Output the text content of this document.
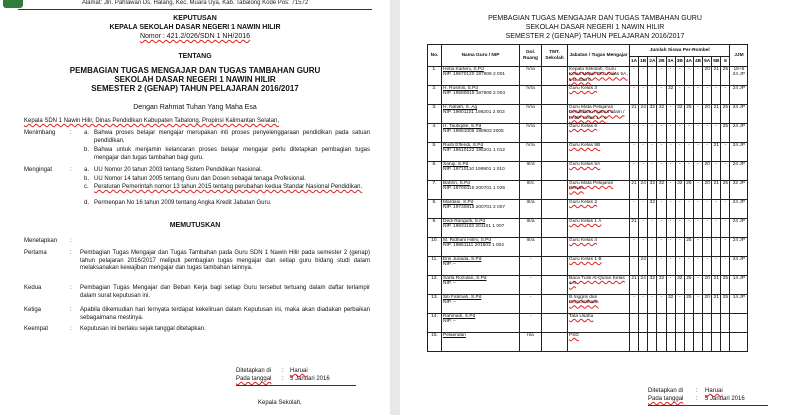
Alamat: Jln. Pahlawan Ds. Halang, Kec. Muara Uya, Kab. Tabalong Kode Pos: 71572
KEPUTUSAN
KEPALA SEKOLAH DASAR NEGERI 1 NAWIN HILIR
Nomor : 421.2/026/SDN 1 NH/2016
TENTANG
PEMBAGIAN TUGAS MENGAJAR DAN TUGAS TAMBAHAN GURU
SEKOLAH DASAR NEGERI 1 NAWIN HILIR
SEMESTER 2 (GENAP) TAHUN PELAJARAN 2016/2017
Dengan Rahmat Tuhan Yang Maha Esa
Kepala SDN 1 Nawin Hilir, Dinas Pendidikan Kabupaten Tabalong, Propinsi Kalimantan Selatan,
Menimbang : a. Bahwa proses belajar mengajar merupakan inti proses penyelenggaraan pendidikan pada satuan pendidikan.
b. Bahwa untuk menjamin kelancaran proses belajar mengajar perlu ditetapkan pembagian tugas mengajar dan tugas tambahan bagi guru.
Mengingat	: a. UU Nomor 20 tahun 2003 tentang Sistem Pendidikan Nasional.
b. UU Nomor 14 tahun 2005 tentang Guru dan Dosen sebagai tenaga Profesional.
c. Peraturan Pemerintah nomor 13 tahun 2015 tentang perubahan kedua Standar Nasional Pendidikan.
d. Permenpan No 16 tahun 2009 tentang Angka Kredit Jabatan Guru.
MEMUTUSKAN
Menetapkan :
Pertama	: Pembagian Tugas Mengajar dan Tugas Tambahan pada Guru SDN 1 Nawin Hilir pada semester 2 (genap) tahun pelajaran 2016/2017 meliputi pembagian tugas mengajar dan setiap guru bidang studi dalam melaksanakan kewajiban mengajar dan tugas tambahan lainnya.
Kedua	: Pembagian Tugas Mengajar dan Beban Kerja bagi setiap Guru tersebut tertuang dalam daftar terlampir dalam surat keputusan ini.
Ketiga	: Apabila dikemudian hari ternyata terdapat kekeliruan dalam Keputusan ini, maka akan diadakan perbaikan sebagaimana mestinya.
Keempat	: Keputusan ini berlaku sejak tanggal ditetapkan.
Ditetapkan di : Haruai
Pada tanggal : 5 Januari 2016
Kepala Sekolah,
PEMBAGIAN TUGAS MENGAJAR DAN TUGAS TAMBAHAN GURU
SEKOLAH DASAR NEGERI 1 NAWIN HILIR
SEMESTER 2 (GENAP) TAHUN PELAJARAN 2016/2017
No.	Nama Guru / NIP	Gol. Ruang	TMT. Sekolah	Jabatan / Tugas Mengajar	Jumlah Siswa Per-Rombel											JJM
					1A	1B	2A	2B	3A	3B	4A	4B	5A	5B	6	
1.	Hetia Karteni, S.Pd
NIP. 19570120 197909 2 001	IV/a		Kepala Sekolah, Guru Kelas Mapel PKn Kelas 5A, 5 B, dan 6	-	-	-	-	-	-	-	-	20	21	25	18+6 24 JP
2.	H. Rusmili, S.Pd
NIP. 19590815 197909 2 004	IV/a		Guru Kelas 3	-	-	-	-	32	-	-	-	-	-	-	24 JP
3.	H. Nafiah, S. Ag
NIP. 19601101 198201 2 003	IV/a		Guru Mata Pelajaran Pendidikan Agama Islam / PABP Kelas 1 – 6	21	24	32	32	-	32	25	-	20	21	25	24 JP
4.	H. Taufiqdie, S.Pd
NIP. 19651005 198603 2005	IV/a		Guru Kelas 6	-	-	-	-	-	-	-	-	-	-	25	24 JP
5.	Rusti Effendi, S.Pd
NIP. 19610122 198201 1 012	IV/a		Guru Kelas 5B	-	-	-	-	-	-	-	-	-	21	-	24 JP
6.	Saruji, S.Pd
NIP. 19710110 199901 1 010	III/d		Guru Kelas 5A	-	-	-	-	-	-	-	-	20	-	-	24 JP
7.	Bahrin, S.Pd
NIP. 19700315 200701 1 025	III/c		Guru Mata Pelajaran Penjas	21	24	32	32	-	32	25	-	20	21	25	32 JP
8.	Mardani, S.Pd
NIP. 19730815 200701 2 007	III/a		Guru Kelas 2	-	-	32	-	-	-	-	-	-	-	-	24 JP
9.	Dedi Rangutti, S.Pd
NIP. 19831103 201101 1 007	III/a		Guru Kelas 1 A	21	-	-	-	-	-	-	-	-	-	-	24 JP
10.	M. Ridhani Hilmi, S.Pd
NIP. 19861111 201503 1 002	III/a		Guru Kelas 4	-	-	-	-	-	-	25	-	-	-	-	24 JP
11.	Emi Juraida, S.Pd
NIP. –	-		Guru Kelas 1 B	-	24	-	-	-	-	-	-	-	-	-	24 JP
12.	Sarta Rozulan, S.Pd
NIP. –	-		Baca Tulis Al-Quran Kelas 1-6	21	24	32	32	-	32	25	-	20	21	25	14 JP
13.	Siti Fatimah, S.Pd
NIP. –	-		B.Inggris dan Perpustakaan	-	-	-	-	32	-	25	-	20	21	25	14 JP
14.	Rahmadi, S.Pd
NIP. –	-		Tata Usaha												
15.	Pelaendan	II/a		PSD												
Ditetapkan di : Haruai
Pada tanggal : 5 Januari 2016
